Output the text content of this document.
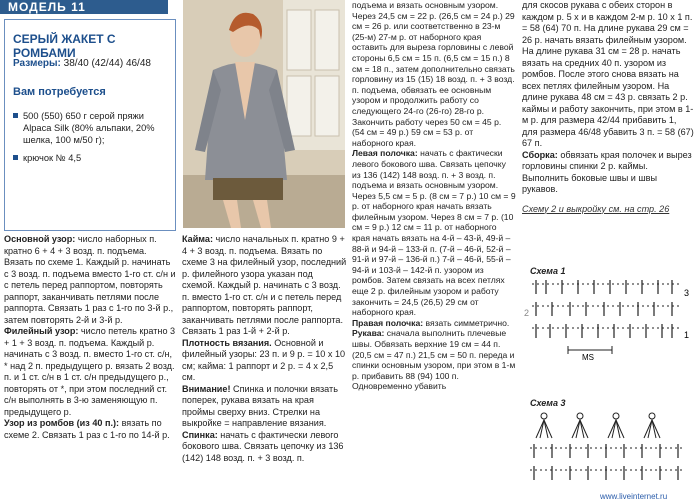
МОДЕЛЬ 11
СЕРЫЙ ЖАКЕТ С РОМБАМИ
Размеры: 38/40 (42/44) 46/48
Вам потребуется
500 (550) 650 г серой пряжи Alpaca Silk (80% альпаки, 20% шелка, 100 м/50 г);
крючок № 4,5

Основной узор: число наборных п. кратно 6 + 4 + 3 возд. п. подъема. Вязать по схеме 1. Каждый р. начинать с 3 возд. п. подъема вместо 1-го ст. с/н и с петель перед раппортом, повторять раппорт, заканчивать петлями после раппорта. Связать 1 раз с 1-го по 3-й р., затем повторять 2-й и 3-й р.

Филейный узор: число петель кратно 3 + 1 + 3 возд. п. подъема. Каждый р. начинать с 3 возд. п. вместо 1-го ст. с/н, * над 2 п. предыдущего р. вязать 2 возд. п. и 1 ст. с/н в 1 ст. с/н предыдущего р., повторять от *, при этом последний ст. с/н выполнять в 3-ю заменяющую п. предыдущего р.

Узор из ромбов (из 40 п.): вязать по схеме 2. Связать 1 раз с 1-го по 14-й р.

Кайма: число начальных п. кратно 9 + 4 + 3 возд. п. подъема. Вязать по схеме 3 на филейный узор, последний р. филейного узора указан под схемой. Каждый р. начинать с 3 возд. п. вместо 1-го ст. с/н и с петель перед раппортом, повторять раппорт, заканчивать петлями после раппорта. Связать 1 раз 1-й + 2-й р.

Плотность вязания. Основной и филейный узоры: 23 п. и 9 р. = 10 х 10 см; кайма: 1 раппорт и 2 р. = 4 х 2,5 см.

Внимание! Спинка и полочки вязать поперек, рукава вязать на края проймы сверху вниз. Стрелки на выкройке = направление вязания.

Спинка: начать с фактически левого бокового шва. Связать цепочку из 136 (142) 148 возд. п. + 3 возд. п.

подъема и вязать основным узором. Через 24,5 см = 22 р. (26,5 см = 24 р.) 29 см = 26 р. или соответственно в 23-м (25-м) 27-м р. от наборного края оставить для выреза горловины с левой стороны 6,5 см = 15 п. (6,5 см = 15 п.) 8 см = 18 п., затем дополнительно связать горловину из 15 (15) 18 возд. п. + 3 возд. п. подъема, обвязать ее основным узором и продолжить работу со следующего 24-го (26-го) 28-го р. Закончить работу через 50 см = 45 р. (54 см = 49 р.) 59 см = 53 р. от наборного края.

Левая полочка: начать с фактически левого бокового шва. Связать цепочку из 136 (142) 148 возд. п. + 3 возд. п. подъема и вязать основным узором. Через 5,5 см = 5 р. (8 см = 7 р.) 10 см = 9 р. от наборного края начать вязать филейным узором. Через 8 см = 7 р. (10 см = 9 р.) 12 см = 11 р. от наборного края начать вязать на 4-й – 43-й, 49-й – 88-й и 94-й – 133-й п. (7-й – 46-й, 52-й – 91-й и 97-й – 136-й п.) 7-й – 46-й, 55-й – 94-й и 103-й – 142-й п. узором из ромбов. Затем связать на всех петлях еще 2 р. филейным узором и работу закончить = 24,5 (26,5) 29 см от наборного края.

Правая полочка: вязать симметрично.

Рукава: сначала выполнить плечевые швы. Обвязать верхние 19 см = 44 п. (20,5 см = 47 п.) 21,5 см = 50 п. переда и спинки основным узором, при этом в 1-м р. прибавить 88 (94) 100 п. Одновременно убавить

для скосов рукава с обеих сторон в каждом р. 5 х и в каждом 2-м р. 10 х 1 п. = 58 (64) 70 п. На длине рукава 29 см = 26 р. начать вязать филейным узором. На длине рукава 31 см = 28 р. начать вязать на средних 40 п. узором из ромбов. После этого снова вязать на всех петлях филейным узором. На длине рукава 48 см = 43 р. связать 2 р. каймы и работу закончить, при этом в 1-м р. для размера 42/44 прибавить 1, для размера 46/48 убавить 3 п. = 58 (67) 67 п.

Сборка: обвязать края полочек и вырез горловины спинки 2 р. каймы. Выполнить боковые швы и швы рукавов.

Схему 2 и выкройку см. на стр. 26

Схема 1
MS
3
2
1
Схема 3
www.liveinternet.ru
